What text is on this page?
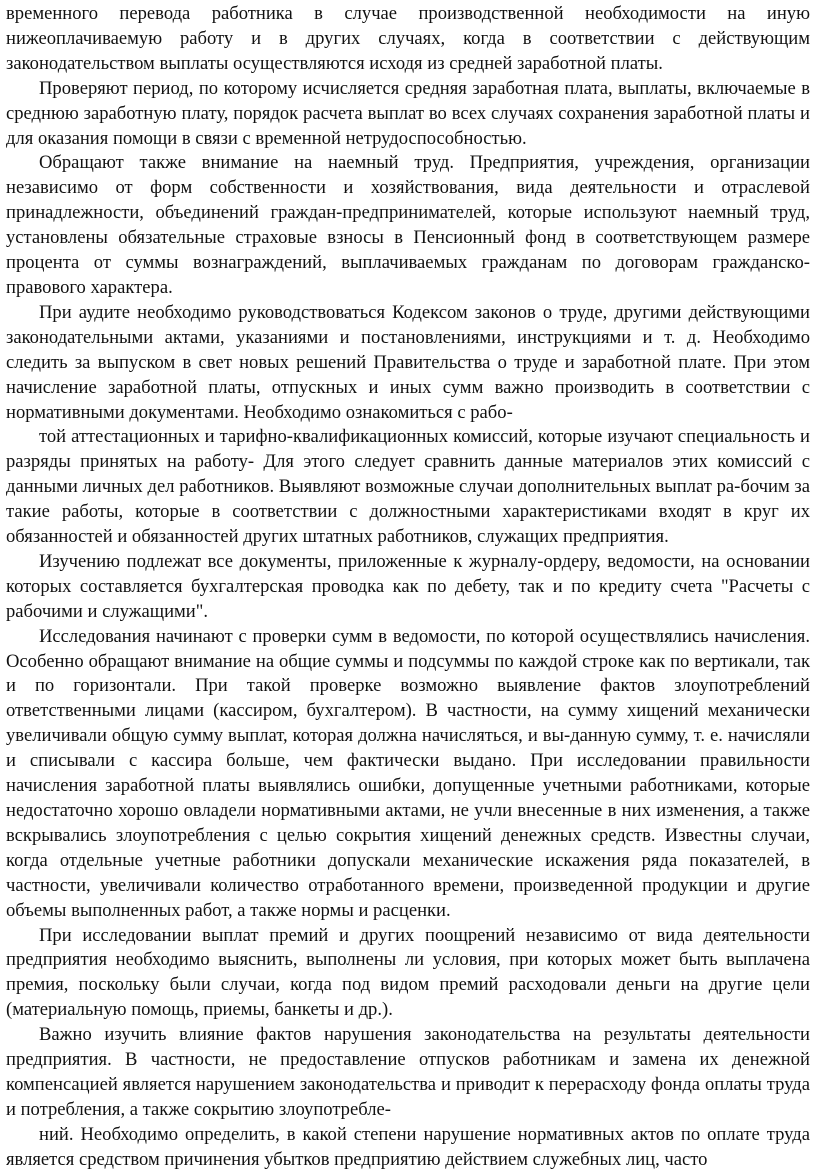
временного перевода работника в случае производственной необходимости на иную нижеоплачиваемую работу и в других случаях, когда в соответствии с действующим законодательством выплаты осуществляются исходя из средней заработной платы.

Проверяют период, по которому исчисляется средняя заработная плата, выплаты, включаемые в среднюю заработную плату, порядок расчета выплат во всех случаях сохранения заработной платы и для оказания помощи в связи с временной нетрудоспособностью.

Обращают также внимание на наемный труд. Предприятия, учреждения, организации независимо от форм собственности и хозяйствования, вида деятельности и отраслевой принадлежности, объединений граждан-предпринимателей, которые используют наемный труд, установлены обязательные страховые взносы в Пенсионный фонд в соответствующем размере процента от суммы вознаграждений, выплачиваемых гражданам по договорам гражданско-правового характера.

При аудите необходимо руководствоваться Кодексом законов о труде, другими действующими законодательными актами, указаниями и постановлениями, инструкциями и т. д. Необходимо следить за выпуском в свет новых решений Правительства о труде и заработной плате. При этом начисление заработной платы, отпускных и иных сумм важно производить в соответствии с нормативными документами. Необходимо ознакомиться с рабо-

той аттестационных и тарифно-квалификационных комиссий, которые изучают специальность и разряды принятых на работу- Для этого следует сравнить данные материалов этих комиссий с данными личных дел работников. Выявляют возможные случаи дополнительных выплат ра-бочим за такие работы, которые в соответствии с должностными характеристиками входят в круг их обязанностей и обязанностей других штатных работников, служащих предприятия.

Изучению подлежат все документы, приложенные к журналу-ордеру, ведомости, на основании которых составляется бухгалтерская проводка как по дебету, так и по кредиту счета "Расчеты с рабочими и служащими".

Исследования начинают с проверки сумм в ведомости, по которой осуществлялись начисления. Особенно обращают внимание на общие суммы и подсуммы по каждой строке как по вертикали, так и по горизонтали. При такой проверке возможно выявление фактов злоупотреблений ответственными лицами (кассиром, бухгалтером). В частности, на сумму хищений механически увеличивали общую сумму выплат, которая должна начисляться, и вы-данную сумму, т. е. начисляли и списывали с кассира больше, чем фактически выдано. При исследовании правильности начисления заработной платы выявлялись ошибки, допущенные учетными работниками, которые недостаточно хорошо овладели нормативными актами, не учли внесенные в них изменения, а также вскрывались злоупотребления с целью сокрытия хищений денежных средств. Известны случаи, когда отдельные учетные работники допускали механические искажения ряда показателей, в частности, увеличивали количество отработанного времени, произведенной продукции и другие объемы выполненных работ, а также нормы и расценки.

При исследовании выплат премий и других поощрений независимо от вида деятельности предприятия необходимо выяснить, выполнены ли условия, при которых может быть выплачена премия, поскольку были случаи, когда под видом премий расходовали деньги на другие цели (материальную помощь, приемы, банкеты и др.).

Важно изучить влияние фактов нарушения законодательства на результаты деятельности предприятия. В частности, не предоставление отпусков работникам и замена их денежной компенсацией является нарушением законодательства и приводит к перерасходу фонда оплаты труда и потребления, а также сокрытию злоупотребле-

ний. Необходимо определить, в какой степени нарушение нормативных актов по оплате труда является средством причинения убытков предприятию действием служебных лиц, часто
